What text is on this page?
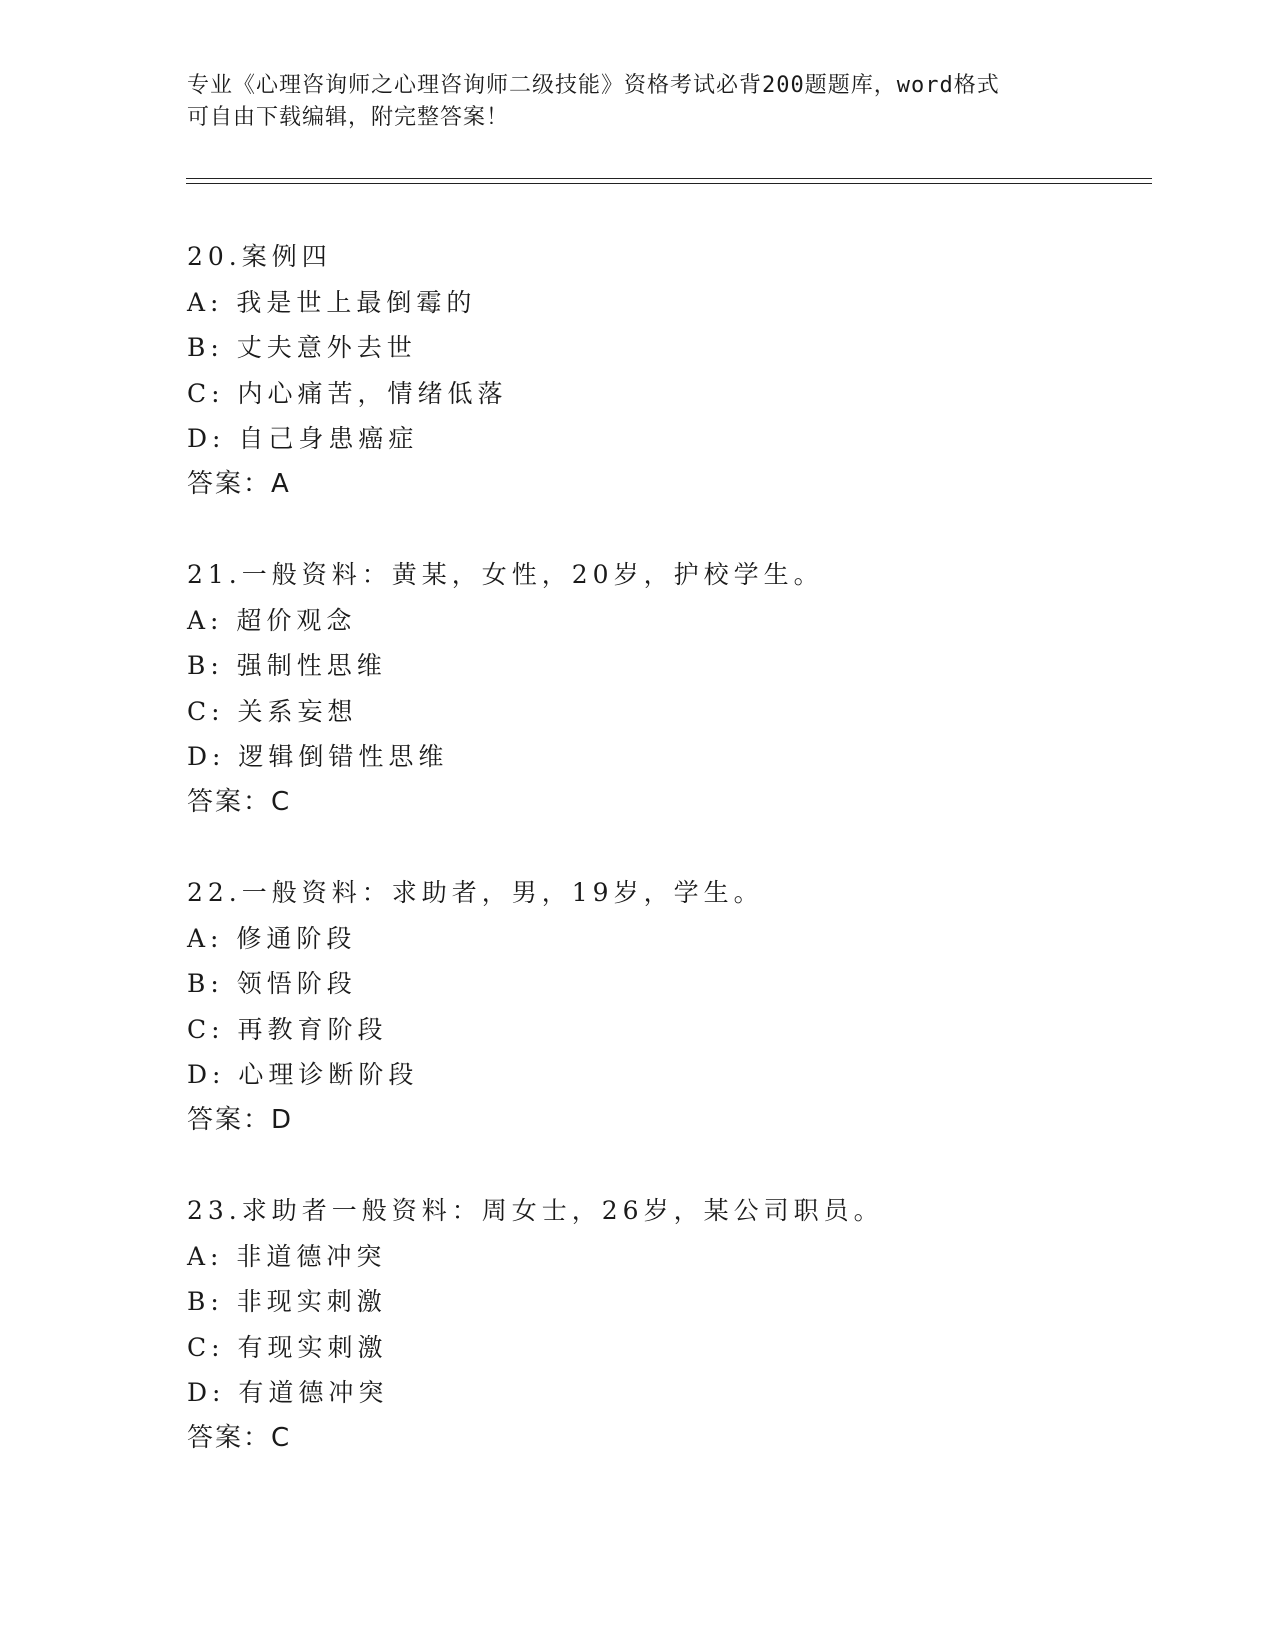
专业《心理咨询师之心理咨询师二级技能》资格考试必背200题题库，word格式
可自由下载编辑，附完整答案！
20.案例四
A: 我是世上最倒霉的
B: 丈夫意外去世
C: 内心痛苦，情绪低落
D: 自己身患癌症
答案：A
21.一般资料：黄某，女性，20岁，护校学生。
A: 超价观念
B: 强制性思维
C: 关系妄想
D: 逻辑倒错性思维
答案：C
22.一般资料：求助者，男，19岁，学生。
A: 修通阶段
B: 领悟阶段
C: 再教育阶段
D: 心理诊断阶段
答案：D
23.求助者一般资料：周女士，26岁，某公司职员。
A: 非道德冲突
B: 非现实刺激
C: 有现实刺激
D: 有道德冲突
答案：C
